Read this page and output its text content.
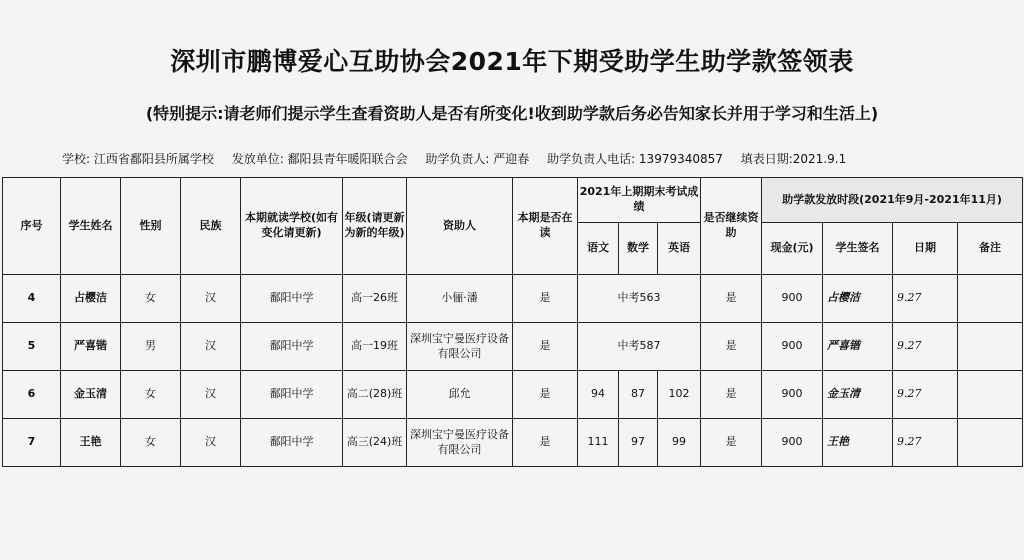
深圳市鹏博爱心互助协会2021年下期受助学生助学款签领表
(特别提示:请老师们提示学生查看资助人是否有所变化!收到助学款后务必告知家长并用于学习和生活上)
学校: 江西省鄱阳县所属学校 发放单位: 鄱阳县青年暖阳联合会 助学负责人: 严迎春 助学负责人电话: 13979340857 填表日期:2021.9.1
序号	学生姓名	性别	民族	本期就读学校(如有变化请更新)	年级(请更新为新的年级)	资助人	本期是否在读	2021年上期期末考试成绩			是否继续资助	助学款发放时段(2021年9月-2021年11月)			
								语文	数学	英语		现金(元)	学生签名	日期	备注
4	占樱洁	女	汉	鄱阳中学	高一26班	小俪·潘	是	中考563			是	900	占樱洁	9.27	
5	严喜锴	男	汉	鄱阳中学	高一19班	深圳宝宁曼医疗设备有限公司	是	中考587			是	900	严喜锴	9.27	
6	金玉清	女	汉	鄱阳中学	高二(28)班	邱允	是	94	87	102	是	900	金玉清	9.27	
7	王艳	女	汉	鄱阳中学	高三(24)班	深圳宝宁曼医疗设备有限公司	是	111	97	99	是	900	王艳	9.27	
